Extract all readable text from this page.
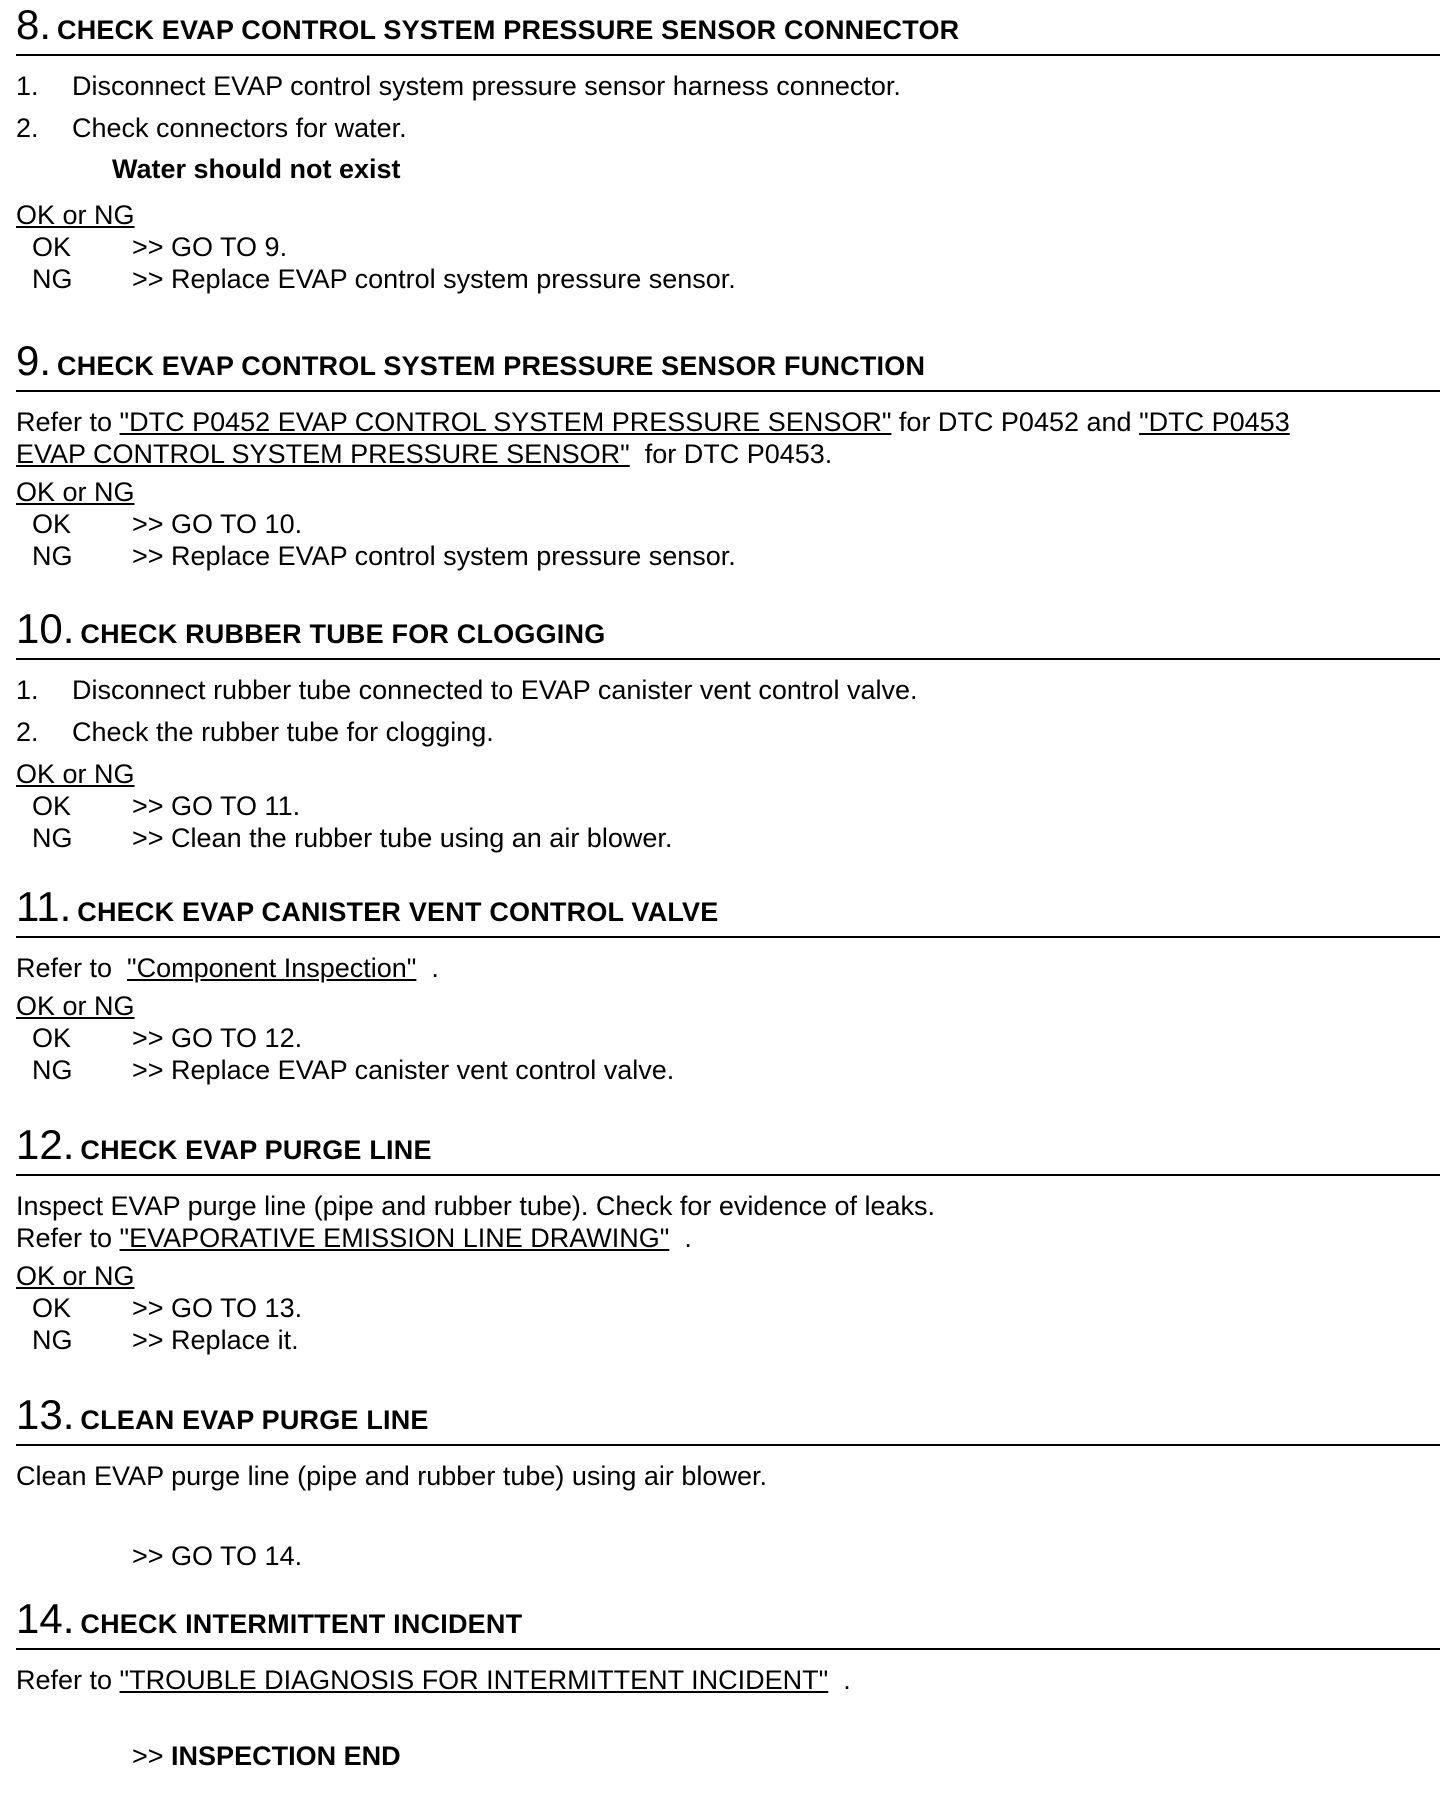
8. CHECK EVAP CONTROL SYSTEM PRESSURE SENSOR CONNECTOR
1.	Disconnect EVAP control system pressure sensor harness connector.
2.	Check connectors for water.
Water should not exist
OK or NG
OK	>> GO TO 9.
NG	>> Replace EVAP control system pressure sensor.
9. CHECK EVAP CONTROL SYSTEM PRESSURE SENSOR FUNCTION
Refer to "DTC P0452 EVAP CONTROL SYSTEM PRESSURE SENSOR" for DTC P0452 and "DTC P0453
EVAP CONTROL SYSTEM PRESSURE SENSOR"  for DTC P0453.
OK or NG
OK	>> GO TO 10.
NG	>> Replace EVAP control system pressure sensor.
10. CHECK RUBBER TUBE FOR CLOGGING
1.	Disconnect rubber tube connected to EVAP canister vent control valve.
2.	Check the rubber tube for clogging.
OK or NG
OK	>> GO TO 11.
NG	>> Clean the rubber tube using an air blower.
11. CHECK EVAP CANISTER VENT CONTROL VALVE
Refer to  "Component Inspection"  .
OK or NG
OK	>> GO TO 12.
NG	>> Replace EVAP canister vent control valve.
12. CHECK EVAP PURGE LINE
Inspect EVAP purge line (pipe and rubber tube). Check for evidence of leaks.
Refer to "EVAPORATIVE EMISSION LINE DRAWING"  .
OK or NG
OK	>> GO TO 13.
NG	>> Replace it.
13. CLEAN EVAP PURGE LINE
Clean EVAP purge line (pipe and rubber tube) using air blower.
>> GO TO 14.
14. CHECK INTERMITTENT INCIDENT
Refer to "TROUBLE DIAGNOSIS FOR INTERMITTENT INCIDENT"  .
>> INSPECTION END
